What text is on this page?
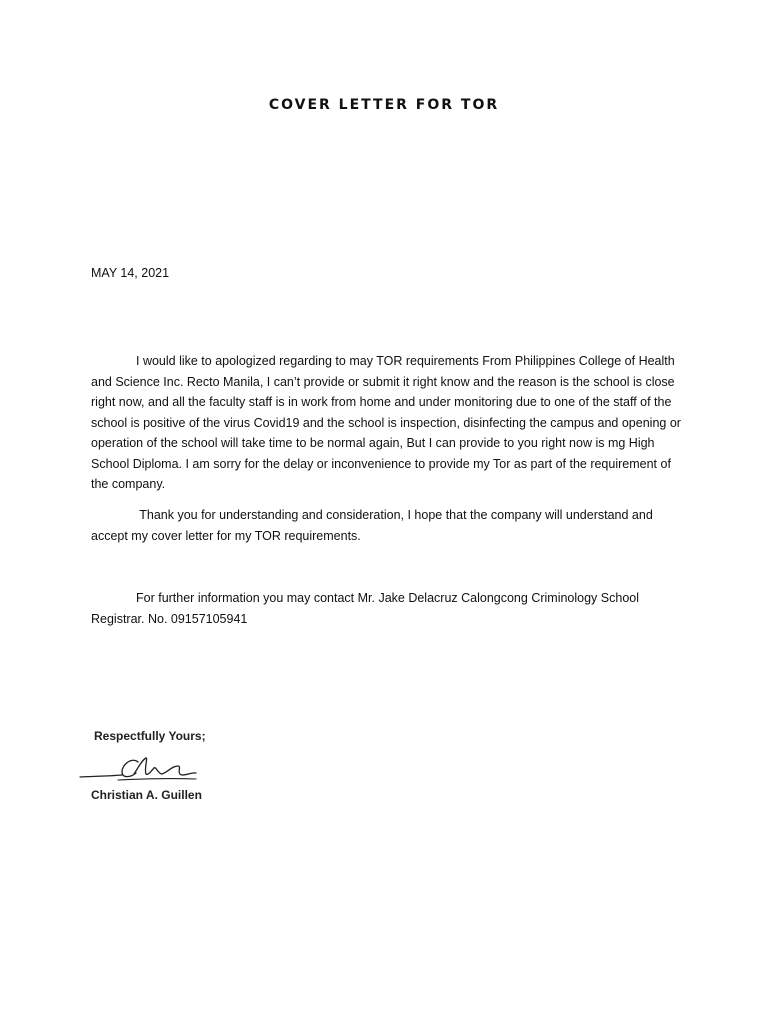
COVER LETTER FOR TOR
MAY 14, 2021
I would like to apologized regarding to may TOR requirements From Philippines College of Health and Science Inc. Recto Manila, I can’t provide or submit it right know and the reason is the school is close right now, and all the faculty staff is in work from home and under monitoring due to one of the staff of the school is positive of the virus Covid19 and the school is inspection, disinfecting the campus and opening or operation of the school will take time to be normal again, But I can provide to you right now is mg High School Diploma. I am sorry for the delay or inconvenience to provide my Tor as part of the requirement of the company.
Thank you for understanding and consideration, I hope that the company will understand and accept my cover letter for my TOR requirements.
For further information you may contact Mr. Jake Delacruz Calongcong Criminology School Registrar. No. 09157105941
Respectfully Yours;
Christian A. Guillen
